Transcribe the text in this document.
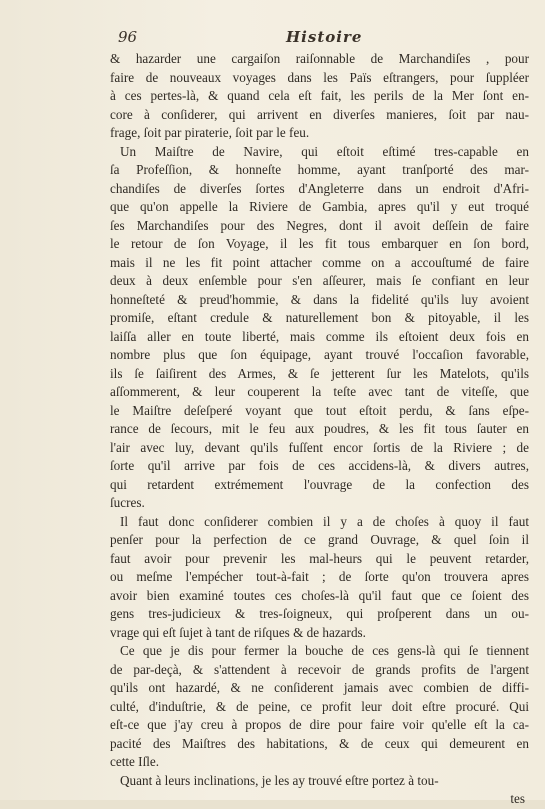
96	Histoire
& hazarder une cargaiſon raiſonnable de Marchandiſes , pour
faire de nouveaux voyages dans les Païs eſtrangers, pour ſuppléer
à ces pertes-là, & quand cela eſt fait, les perils de la Mer ſont en-
core à conſiderer, qui arrivent en diverſes manieres, ſoit par nau-
frage, ſoit par piraterie, ſoit par le feu.
Un Maiſtre de Navire, qui eſtoit eſtimé tres-capable en
ſa Profeſſion, & honneſte homme, ayant tranſporté des mar-
chandiſes de diverſes ſortes d'Angleterre dans un endroit d'Afri-
que qu'on appelle la Riviere de Gambia, apres qu'il y eut troqué
ſes Marchandiſes pour des Negres, dont il avoit deſſein de faire
le retour de ſon Voyage, il les fit tous embarquer en ſon bord,
mais il ne les fit point attacher comme on a accouſtumé de faire
deux à deux enſemble pour s'en aſſeurer, mais ſe confiant en leur
honneſteté & preud'hommie, & dans la fidelité qu'ils luy avoient
promiſe, eſtant credule & naturellement bon & pitoyable, il les
laiſſa aller en toute liberté, mais comme ils eſtoient deux fois en
nombre plus que ſon équipage, ayant trouvé l'occaſion favorable,
ils ſe ſaiſirent des Armes, & ſe jetterent ſur les Matelots, qu'ils
aſſommerent, & leur couperent la teſte avec tant de viteſſe, que
le Maiſtre deſeſperé voyant que tout eſtoit perdu, & ſans eſpe-
rance de ſecours, mit le feu aux poudres, & les fit tous ſauter en
l'air avec luy, devant qu'ils fuſſent encor ſortis de la Riviere ; de
ſorte qu'il arrive par fois de ces accidens-là, & divers autres,
qui retardent extrémement l'ouvrage de la confection des
ſucres.
Il faut donc conſiderer combien il y a de choſes à quoy il faut
penſer pour la perfection de ce grand Ouvrage, & quel ſoin il
faut avoir pour prevenir les mal-heurs qui le peuvent retarder,
ou meſme l'empécher tout-à-fait ; de ſorte qu'on trouvera apres
avoir bien examiné toutes ces choſes-là qu'il faut que ce ſoient des
gens tres-judicieux & tres-ſoigneux, qui proſperent dans un ou-
vrage qui eſt ſujet à tant de riſques & de hazards.
Ce que je dis pour fermer la bouche de ces gens-là qui ſe tiennent
de par-deçà, & s'attendent à recevoir de grands profits de l'argent
qu'ils ont hazardé, & ne conſiderent jamais avec combien de diffi-
culté, d'induſtrie, & de peine, ce profit leur doit eſtre procuré. Qui
eſt-ce que j'ay creu à propos de dire pour faire voir qu'elle eſt la ca-
pacité des Maiſtres des habitations, & de ceux qui demeurent en
cette Iſle.
Quant à leurs inclinations, je les ay trouvé eſtre portez à tou-
tes
